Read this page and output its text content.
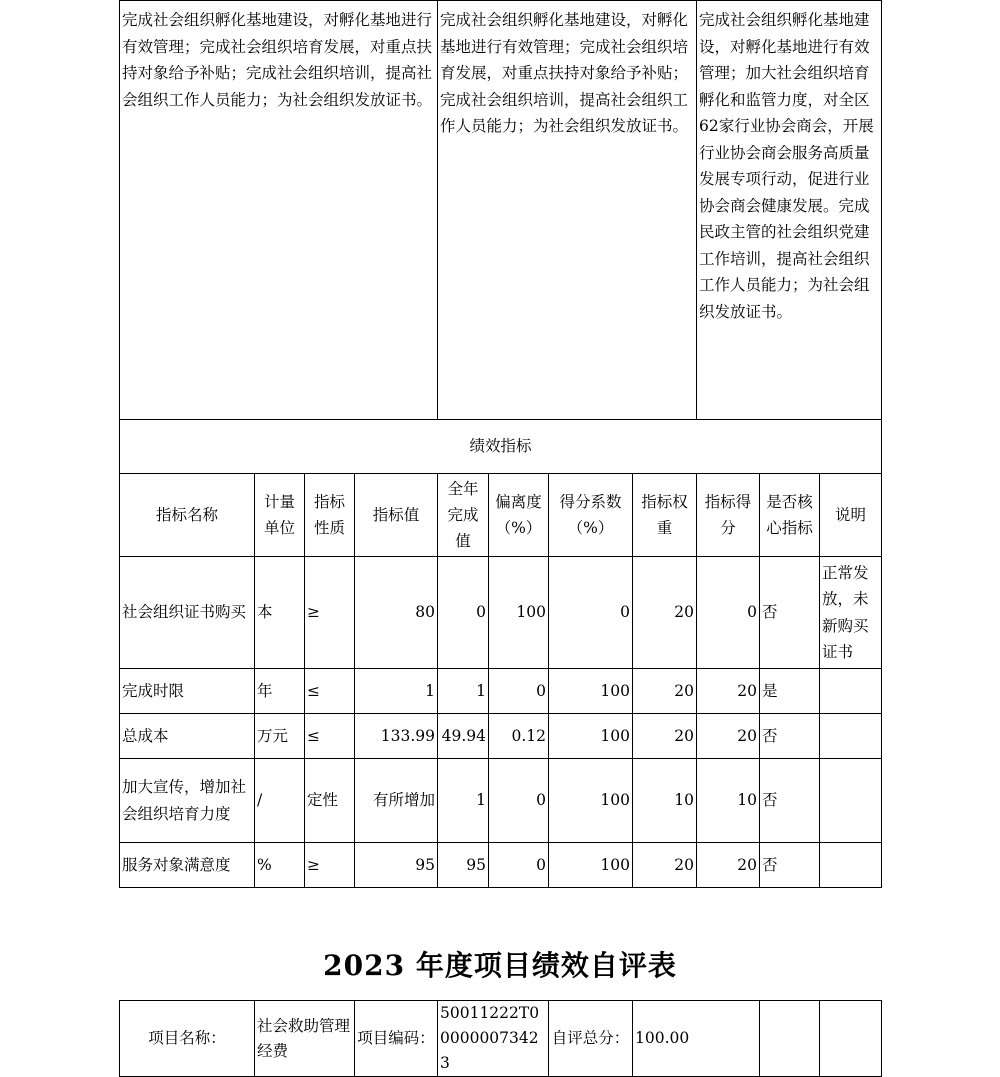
完成社会组织孵化基地建设，对孵化基地进行有效管理；完成社会组织培育发展，对重点扶持对象给予补贴；完成社会组织培训，提高社会组织工作人员能力；为社会组织发放证书。				完成社会组织孵化基地建设，对孵化基地进行有效管理；完成社会组织培育发展，对重点扶持对象给予补贴；完成社会组织培训，提高社会组织工作人员能力；为社会组织发放证书。				完成社会组织孵化基地建设，对孵化基地进行有效管理；加大社会组织培育孵化和监管力度，对全区62家行业协会商会，开展行业协会商会服务高质量发展专项行动，促进行业协会商会健康发展。完成民政主管的社会组织党建工作培训，提高社会组织工作人员能力；为社会组织发放证书。		
绩效指标										
指标名称	计量单位	指标性质	指标值	全年完成值	偏离度（%）	得分系数（%）	指标权重	指标得分	是否核心指标	说明
社会组织证书购买	本	≥	80	0	100	0	20	0	否	正常发放，未新购买证书
完成时限	年	≤	1	1	0	100	20	20	是	
总成本	万元	≤	133.99	49.94	0.12	100	20	20	否	
加大宣传，增加社会组织培育力度	/	定性	有所增加	1	0	100	10	10	否	
服务对象满意度	%	≥	95	95	0	100	20	20	否	
2023 年度项目绩效自评表
项目名称：	社会救助管理经费	项目编码：	50011222T000000073423	自评总分：	100.00		
